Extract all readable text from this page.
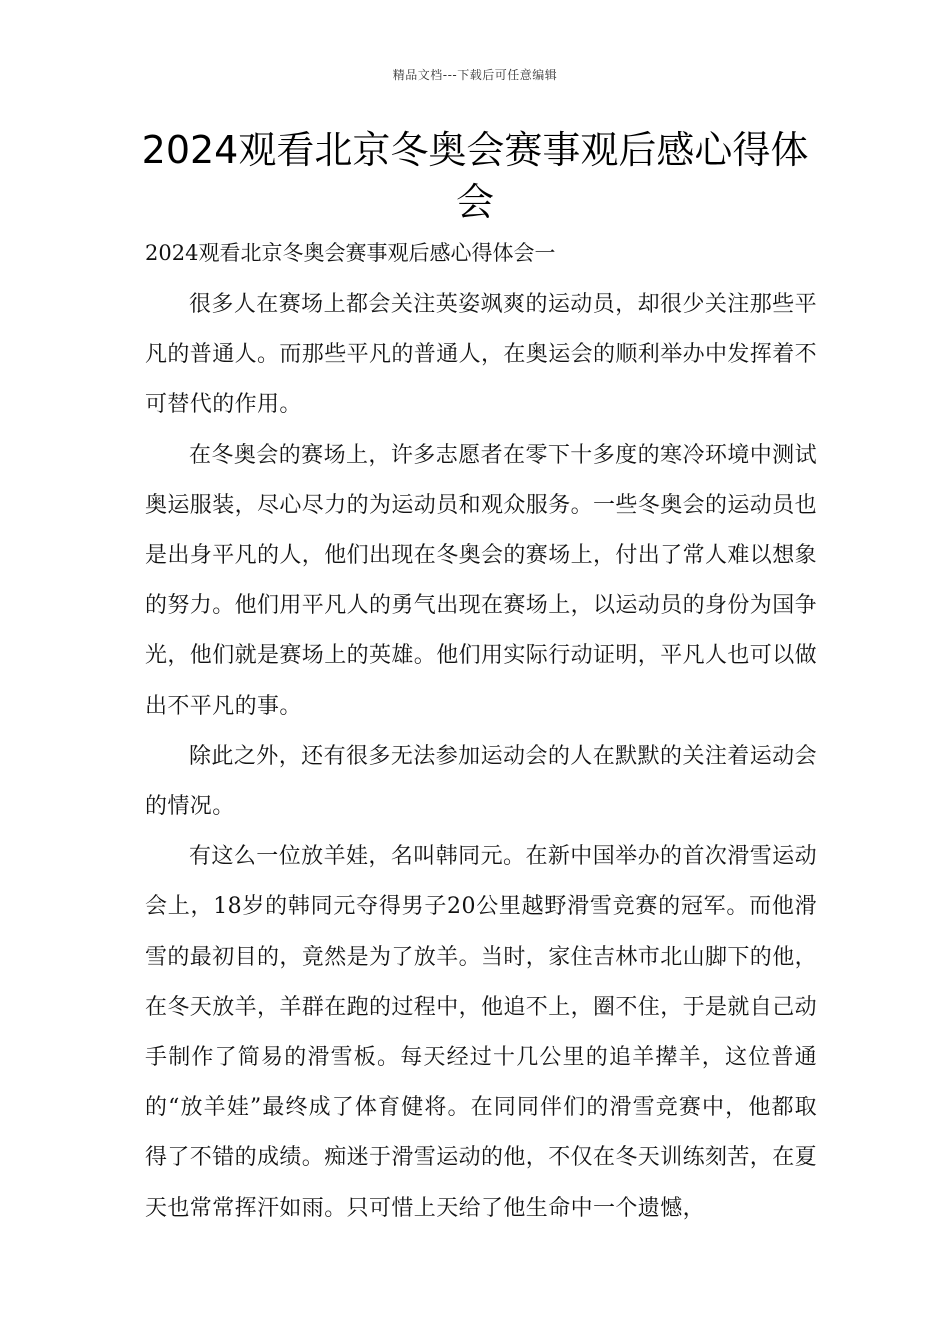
精品文档---下载后可任意编辑
2024观看北京冬奥会赛事观后感心得体会

2024观看北京冬奥会赛事观后感心得体会一

很多人在赛场上都会关注英姿飒爽的运动员，却很少关注那些平凡的普通人。而那些平凡的普通人，在奥运会的顺利举办中发挥着不可替代的作用。

在冬奥会的赛场上，许多志愿者在零下十多度的寒冷环境中测试奥运服装，尽心尽力的为运动员和观众服务。一些冬奥会的运动员也是出身平凡的人，他们出现在冬奥会的赛场上，付出了常人难以想象的努力。他们用平凡人的勇气出现在赛场上，以运动员的身份为国争光，他们就是赛场上的英雄。他们用实际行动证明，平凡人也可以做出不平凡的事。

除此之外，还有很多无法参加运动会的人在默默的关注着运动会的情况。

有这么一位放羊娃，名叫韩同元。在新中国举办的首次滑雪运动会上，18岁的韩同元夺得男子20公里越野滑雪竞赛的冠军。而他滑雪的最初目的，竟然是为了放羊。当时，家住吉林市北山脚下的他，在冬天放羊，羊群在跑的过程中，他追不上，圈不住，于是就自己动手制作了简易的滑雪板。每天经过十几公里的追羊撵羊，这位普通的“放羊娃”最终成了体育健将。在同同伴们的滑雪竞赛中，他都取得了不错的成绩。痴迷于滑雪运动的他，不仅在冬天训练刻苦，在夏天也常常挥汗如雨。只可惜上天给了他生命中一个遗憾，
